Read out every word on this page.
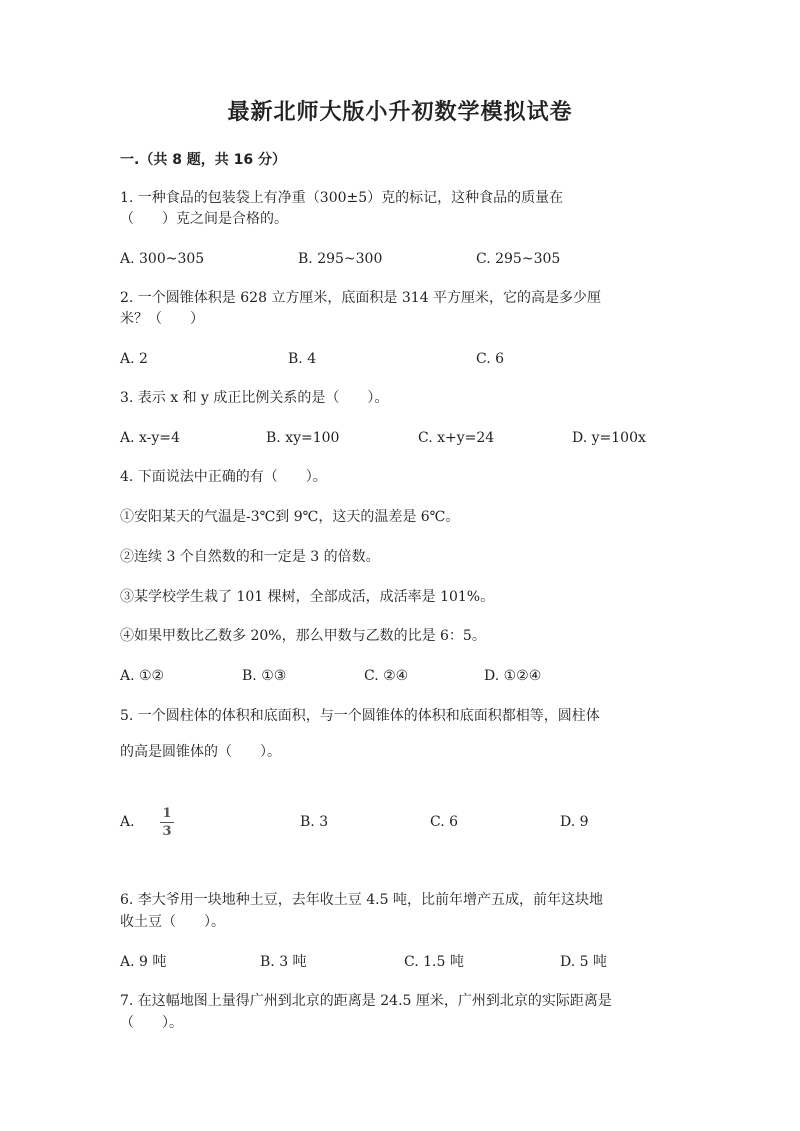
最新北师大版小升初数学模拟试卷
一.（共 8 题，共 16 分）
1. 一种食品的包装袋上有净重（300±5）克的标记，这种食品的质量在
（　　）克之间是合格的。
A. 300~305	B. 295~300	C. 295~305
2. 一个圆锥体积是 628 立方厘米，底面积是 314 平方厘米，它的高是多少厘
米？（　　）
A. 2	B. 4	C. 6
3. 表示 x 和 y 成正比例关系的是（　　）。
A. x-y=4	B. xy=100	C. x+y=24	D. y=100x
4. 下面说法中正确的有（　　）。
①安阳某天的气温是-3℃到 9℃，这天的温差是 6℃。
②连续 3 个自然数的和一定是 3 的倍数。
③某学校学生栽了 101 棵树，全部成活，成活率是 101%。
④如果甲数比乙数多 20%，那么甲数与乙数的比是 6：5。
A. ①②	B. ①③	C. ②④	D. ①②④
5. 一个圆柱体的体积和底面积，与一个圆锥体的体积和底面积都相等，圆柱体
的高是圆锥体的（　　）。
A.
1
3
B. 3	C. 6	D. 9
6. 李大爷用一块地种土豆，去年收土豆 4.5 吨，比前年增产五成，前年这块地
收土豆（　　）。
A. 9 吨	B. 3 吨	C. 1.5 吨	D. 5 吨
7. 在这幅地图上量得广州到北京的距离是 24.5 厘米，广州到北京的实际距离是
（　　）。
